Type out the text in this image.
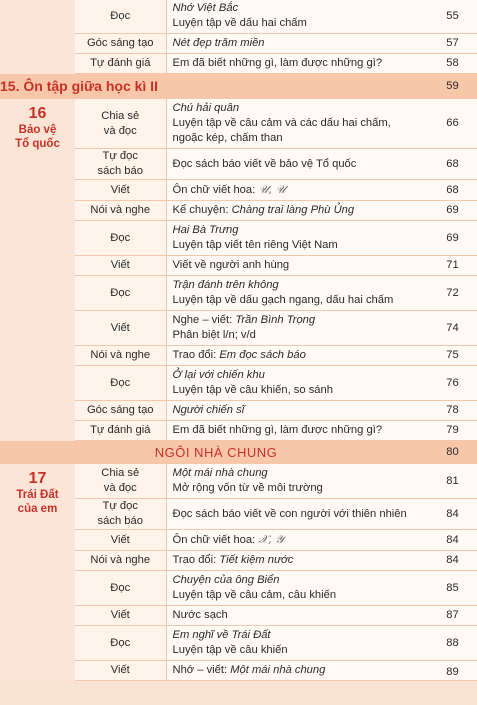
	Đọc	Nhớ Việt Bắc
Luyện tập về dấu hai chấm	55
	Góc sáng tạo	Nét đẹp trăm miền	57
	Tự đánh giá	Em đã biết những gì, làm được những gì?	58
15. Ôn tập giữa học kì II			59

16
Bảo vệ
Tổ quốc	Chia sẻ
và đọc	Chú hải quân
Luyện tập về câu cảm và các dấu hai chấm,
ngoặc kép, chấm than	66

	Tự đọc
sách báo	Đọc sách báo viết về bảo vệ Tổ quốc	68
	Viết	Ôn chữ viết hoa: 𝒰, 𝒰	68
	Nói và nghe	Kể chuyện: Chàng trai làng Phù Ủng	69
	Đọc	Hai Bà Trưng
Luyện tập viết tên riêng Việt Nam	69
	Viết	Viết về người anh hùng	71
	Đọc	Trận đánh trên không
Luyện tập về dấu gạch ngang, dấu hai chấm	72
	Viết	Nghe – viết: Trần Bình Trọng
Phân biệt l/n; v/d	74
	Nói và nghe	Trao đổi: Em đọc sách báo	75
	Đọc	Ở lại với chiến khu
Luyện tập về câu khiến, so sánh	76
	Góc sáng tạo	Người chiến sĩ	78
	Tự đánh giá	Em đã biết những gì, làm được những gì?	79
NGÔI NHÀ CHUNG			80

17
Trái Đất
của em	Chia sẻ
và đọc	Một mái nhà chung
Mở rộng vốn từ về môi trường	81

	Tự đọc
sách báo	Đọc sách báo viết về con người với thiên nhiên	84
	Viết	Ôn chữ viết hoa: 𝒳, 𝒴	84
	Nói và nghe	Trao đổi: Tiết kiệm nước	84
	Đọc	Chuyện của ông Biển
Luyện tập về câu cảm, câu khiến	85
	Viết	Nước sạch	87
	Đọc	Em nghĩ về Trái Đất
Luyện tập về câu khiến	88
	Viết	Nhớ – viết: Một mái nhà chung	89
